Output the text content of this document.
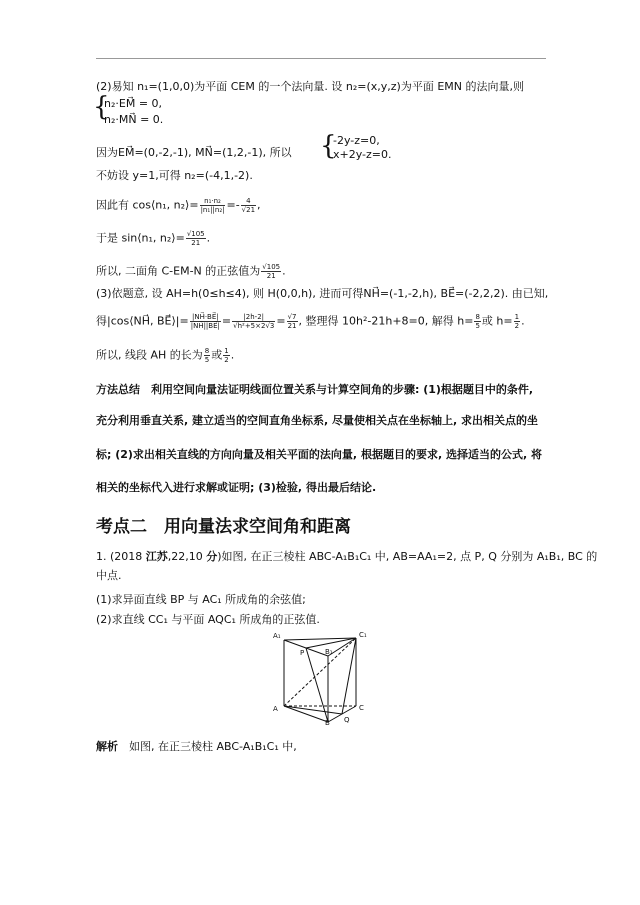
(2)易知 n₁=(1,0,0)为平面 CEM 的一个法向量. 设 n₂=(x,y,z)为平面 EMN 的法向量,则
{
n₂·EM⃗ = 0,
n₂·MN⃗ = 0.
因为EM⃗=(0,-2,-1), MN⃗=(1,2,-1), 所以 {
-2y-z=0,
x+2y-z=0.
不妨设 y=1,可得 n₂=(-4,1,-2).
因此有 cos⟨n₁, n₂⟩= $\frac{\text{n₁·n₂}}{\text{|n₁||n₂|}} =- \frac{4}{√21}$ ,
于是 sin⟨n₁, n₂⟩= $\frac{√105}{21}$ .
所以, 二面角 C-EM-N 的正弦值为 $\frac{√105}{21}$ .
(3)依题意, 设 AH=h(0≤h≤4), 则 H(0,0,h), 进而可得NH⃗=(-1,-2,h), BE⃗=(-2,2,2). 由已知,
得|cos⟨NH⃗, BE⃗⟩|= $\frac{|NH⃗\cdot BE⃗|}{|NH⃗||BE⃗|} = \frac{|2h-2|}{\text{√h²+5×2√3}} = \frac{√7}{21}$ , 整理得 10h²-21h+8=0, 解得 $h= \frac{8}{5}$ 或 $h= \frac{1}{2}$ .
所以, 线段 AH 的长为 $\frac{8}{5}$ 或 $\frac{1}{2}$ .
方法总结　利用空间向量法证明线面位置关系与计算空间角的步骤: (1)根据题目中的条件,
充分利用垂直关系, 建立适当的空间直角坐标系, 尽量使相关点在坐标轴上, 求出相关点的坐
标; (2)求出相关直线的方向向量及相关平面的法向量, 根据题目的要求, 选择适当的公式, 将
相关的坐标代入进行求解或证明; (3)检验, 得出最后结论.
考点二　用向量法求空间角和距离
1. (2018 江苏,22,10 分)如图, 在正三棱柱 ABC-A₁B₁C₁ 中, AB=AA₁=2, 点 P, Q 分别为 A₁B₁, BC 的
中点.
(1)求异面直线 BP 与 AC₁ 所成角的余弦值;
(2)求直线 CC₁ 与平面 AQC₁ 所成角的正弦值.
A₁
B₁
C₁
A
B
C
P
Q
解析　如图, 在正三棱柱 ABC-A₁B₁C₁ 中,
